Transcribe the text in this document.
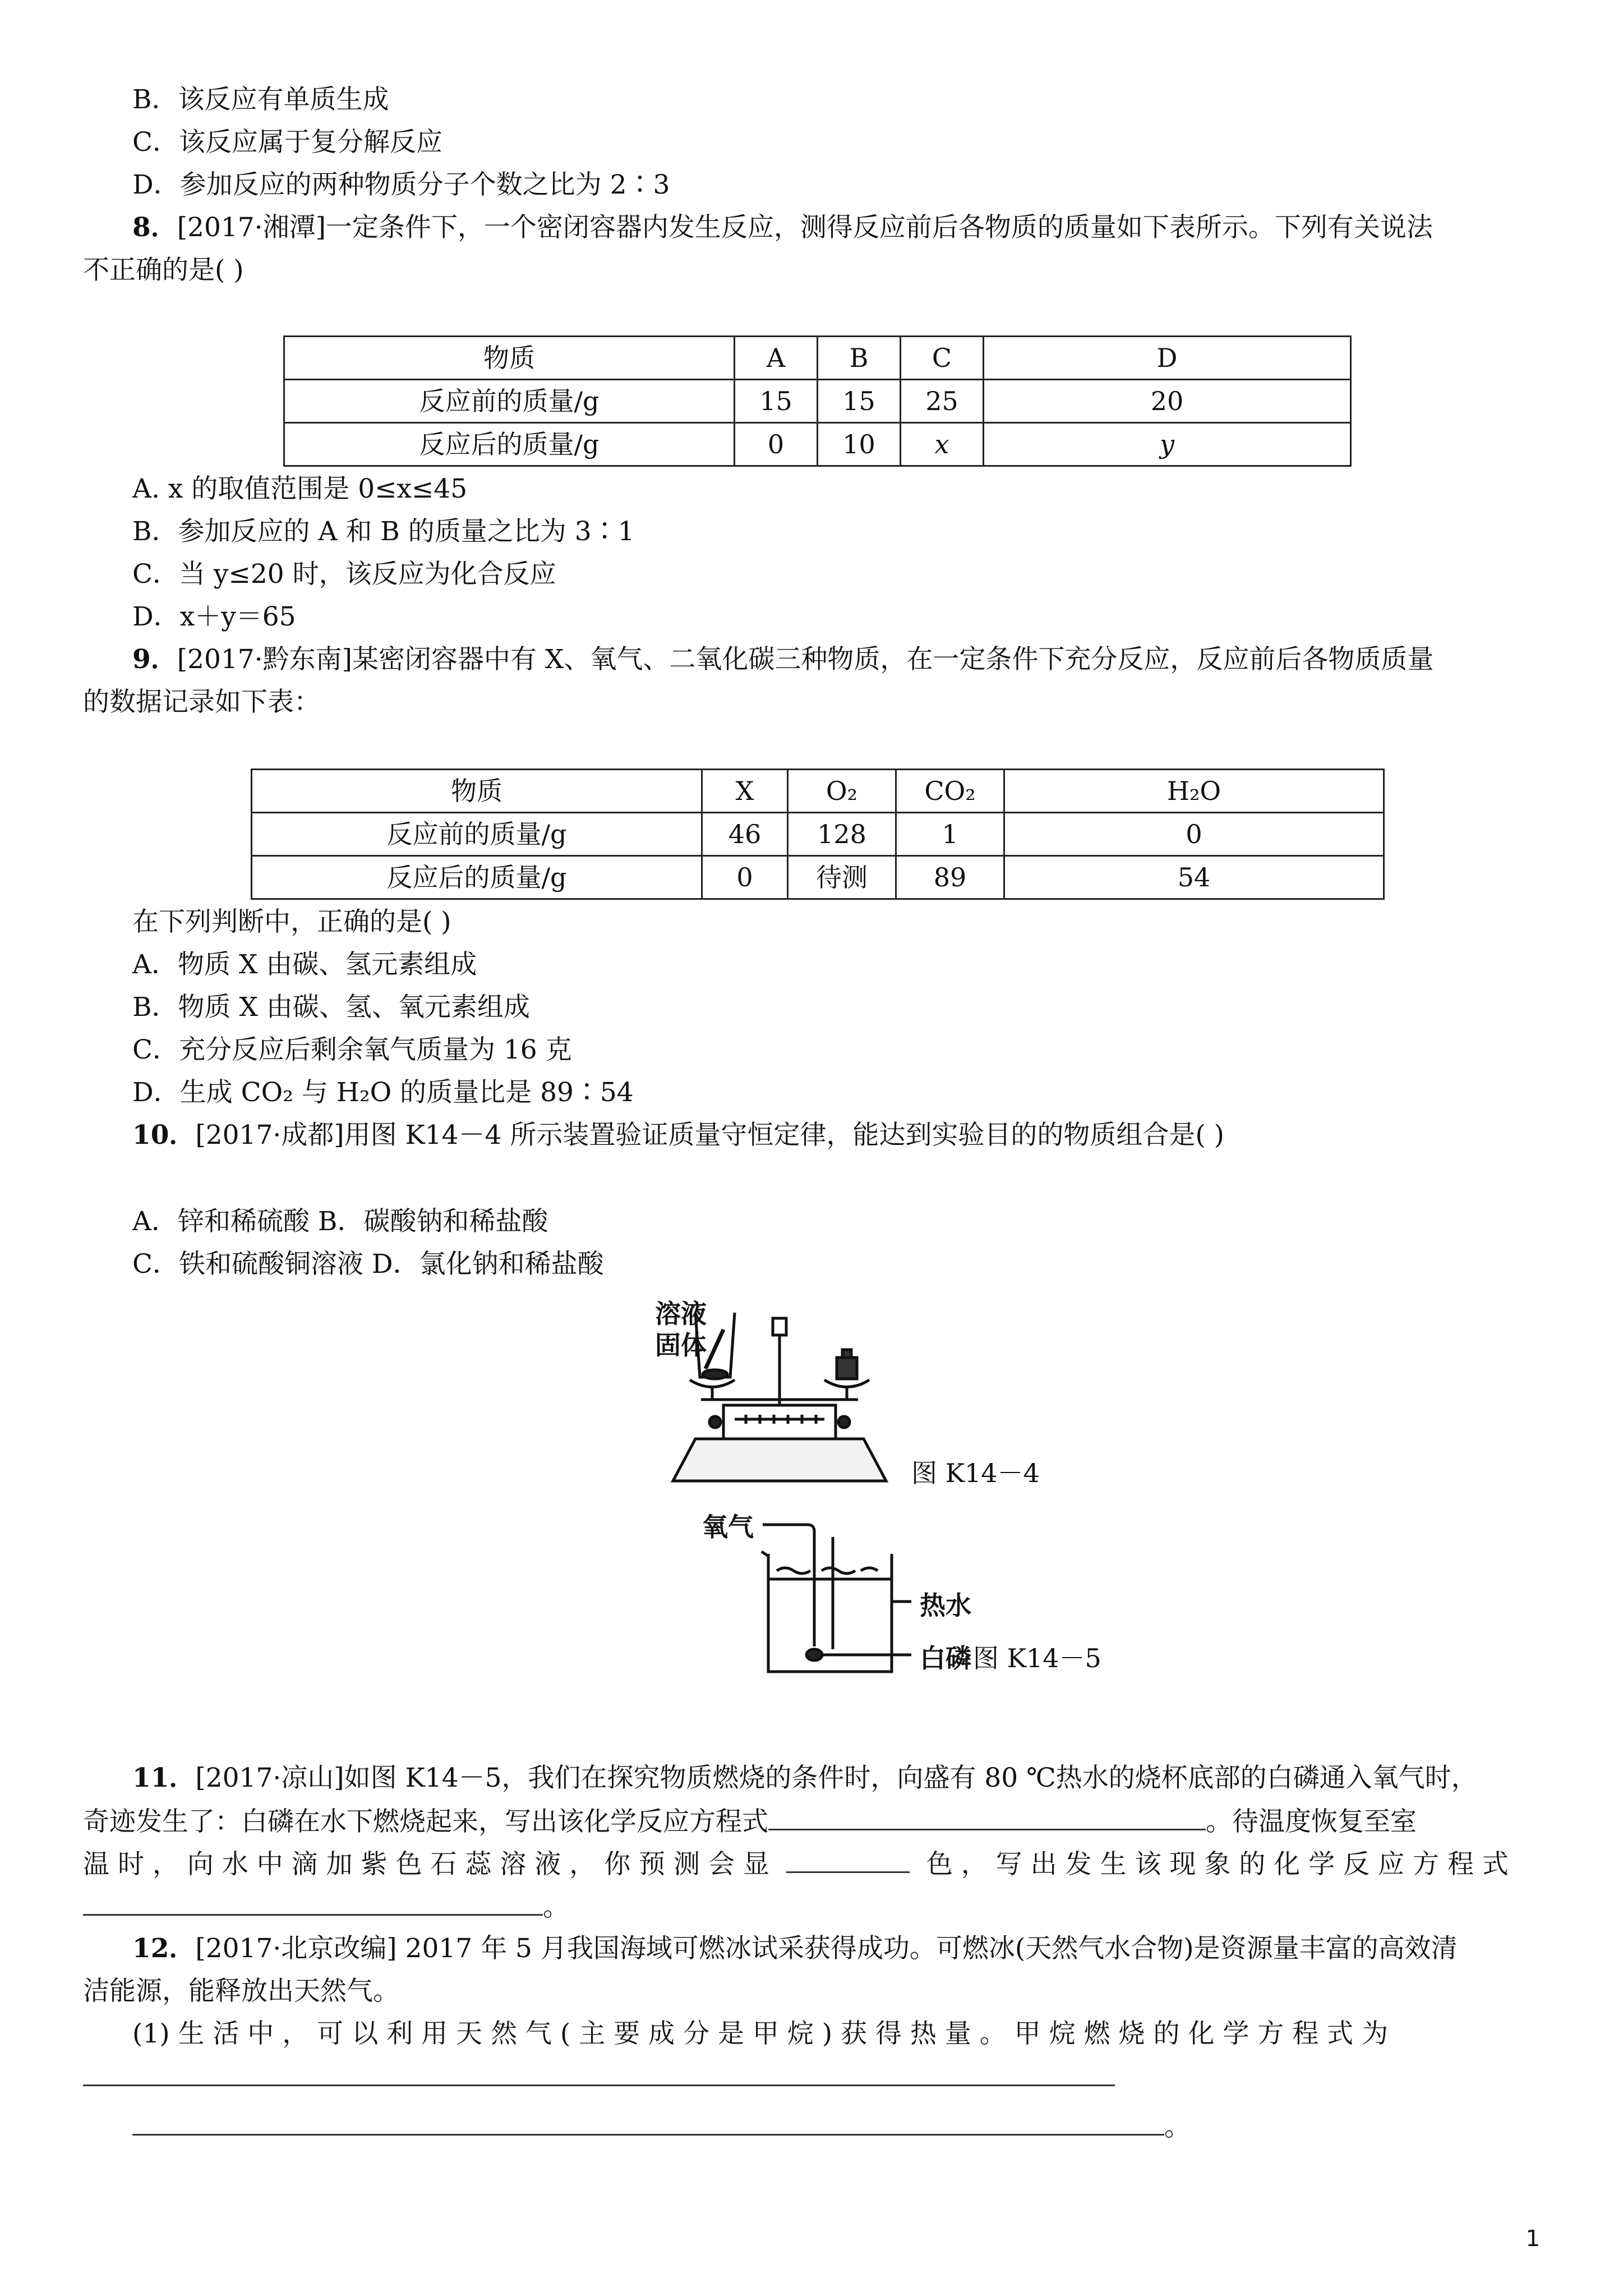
B．该反应有单质生成
C．该反应属于复分解反应
D．参加反应的两种物质分子个数之比为 2∶3
8．[2017·湘潭]一定条件下，一个密闭容器内发生反应，测得反应前后各物质的质量如下表所示。下列有关说法
不正确的是( )
物质	A	B	C	D
反应前的质量/g	15	15	25	20
反应后的质量/g	0	10	x	y
A. x 的取值范围是 0≤x≤45
B．参加反应的 A 和 B 的质量之比为 3∶1
C．当 y≤20 时，该反应为化合反应
D．x＋y＝65
9．[2017·黔东南]某密闭容器中有 X、氧气、二氧化碳三种物质，在一定条件下充分反应，反应前后各物质质量
的数据记录如下表：
物质	X	O₂	CO₂	H₂O
反应前的质量/g	46	128	1	0
反应后的质量/g	0	待测	89	54
在下列判断中，正确的是( )
A．物质 X 由碳、氢元素组成
B．物质 X 由碳、氢、氧元素组成
C．充分反应后剩余氧气质量为 16 克
D．生成 CO₂ 与 H₂O 的质量比是 89∶54
10．[2017·成都]用图 K14－4 所示装置验证质量守恒定律，能达到实验目的的物质组合是( )
A．锌和稀硫酸 B．碳酸钠和稀盐酸
C．铁和硫酸铜溶液 D．氯化钠和稀盐酸
溶液
固体
图 K14－4
氧气
热水
白磷 图 K14－5
11．[2017·凉山]如图 K14－5，我们在探究物质燃烧的条件时，向盛有 80 ℃热水的烧杯底部的白磷通入氧气时，
奇迹发生了：白磷在水下燃烧起来，写出该化学反应方程式	。待温度恢复至室
温 时 ， 向 水 中 滴 加 紫 色 石 蕊 溶 液 ， 你 预 测 会 显	色 ， 写 出 发 生 该 现 象 的 化 学 反 应 方 程 式
。
12．[2017·北京改编] 2017 年 5 月我国海域可燃冰试采获得成功。可燃冰(天然气水合物)是资源量丰富的高效清
洁能源，能释放出天然气。
(1) 生 活 中 ， 可 以 利 用 天 然 气 ( 主 要 成 分 是 甲 烷 ) 获 得 热 量 。 甲 烷 燃 烧 的 化 学 方 程 式 为
。
1
